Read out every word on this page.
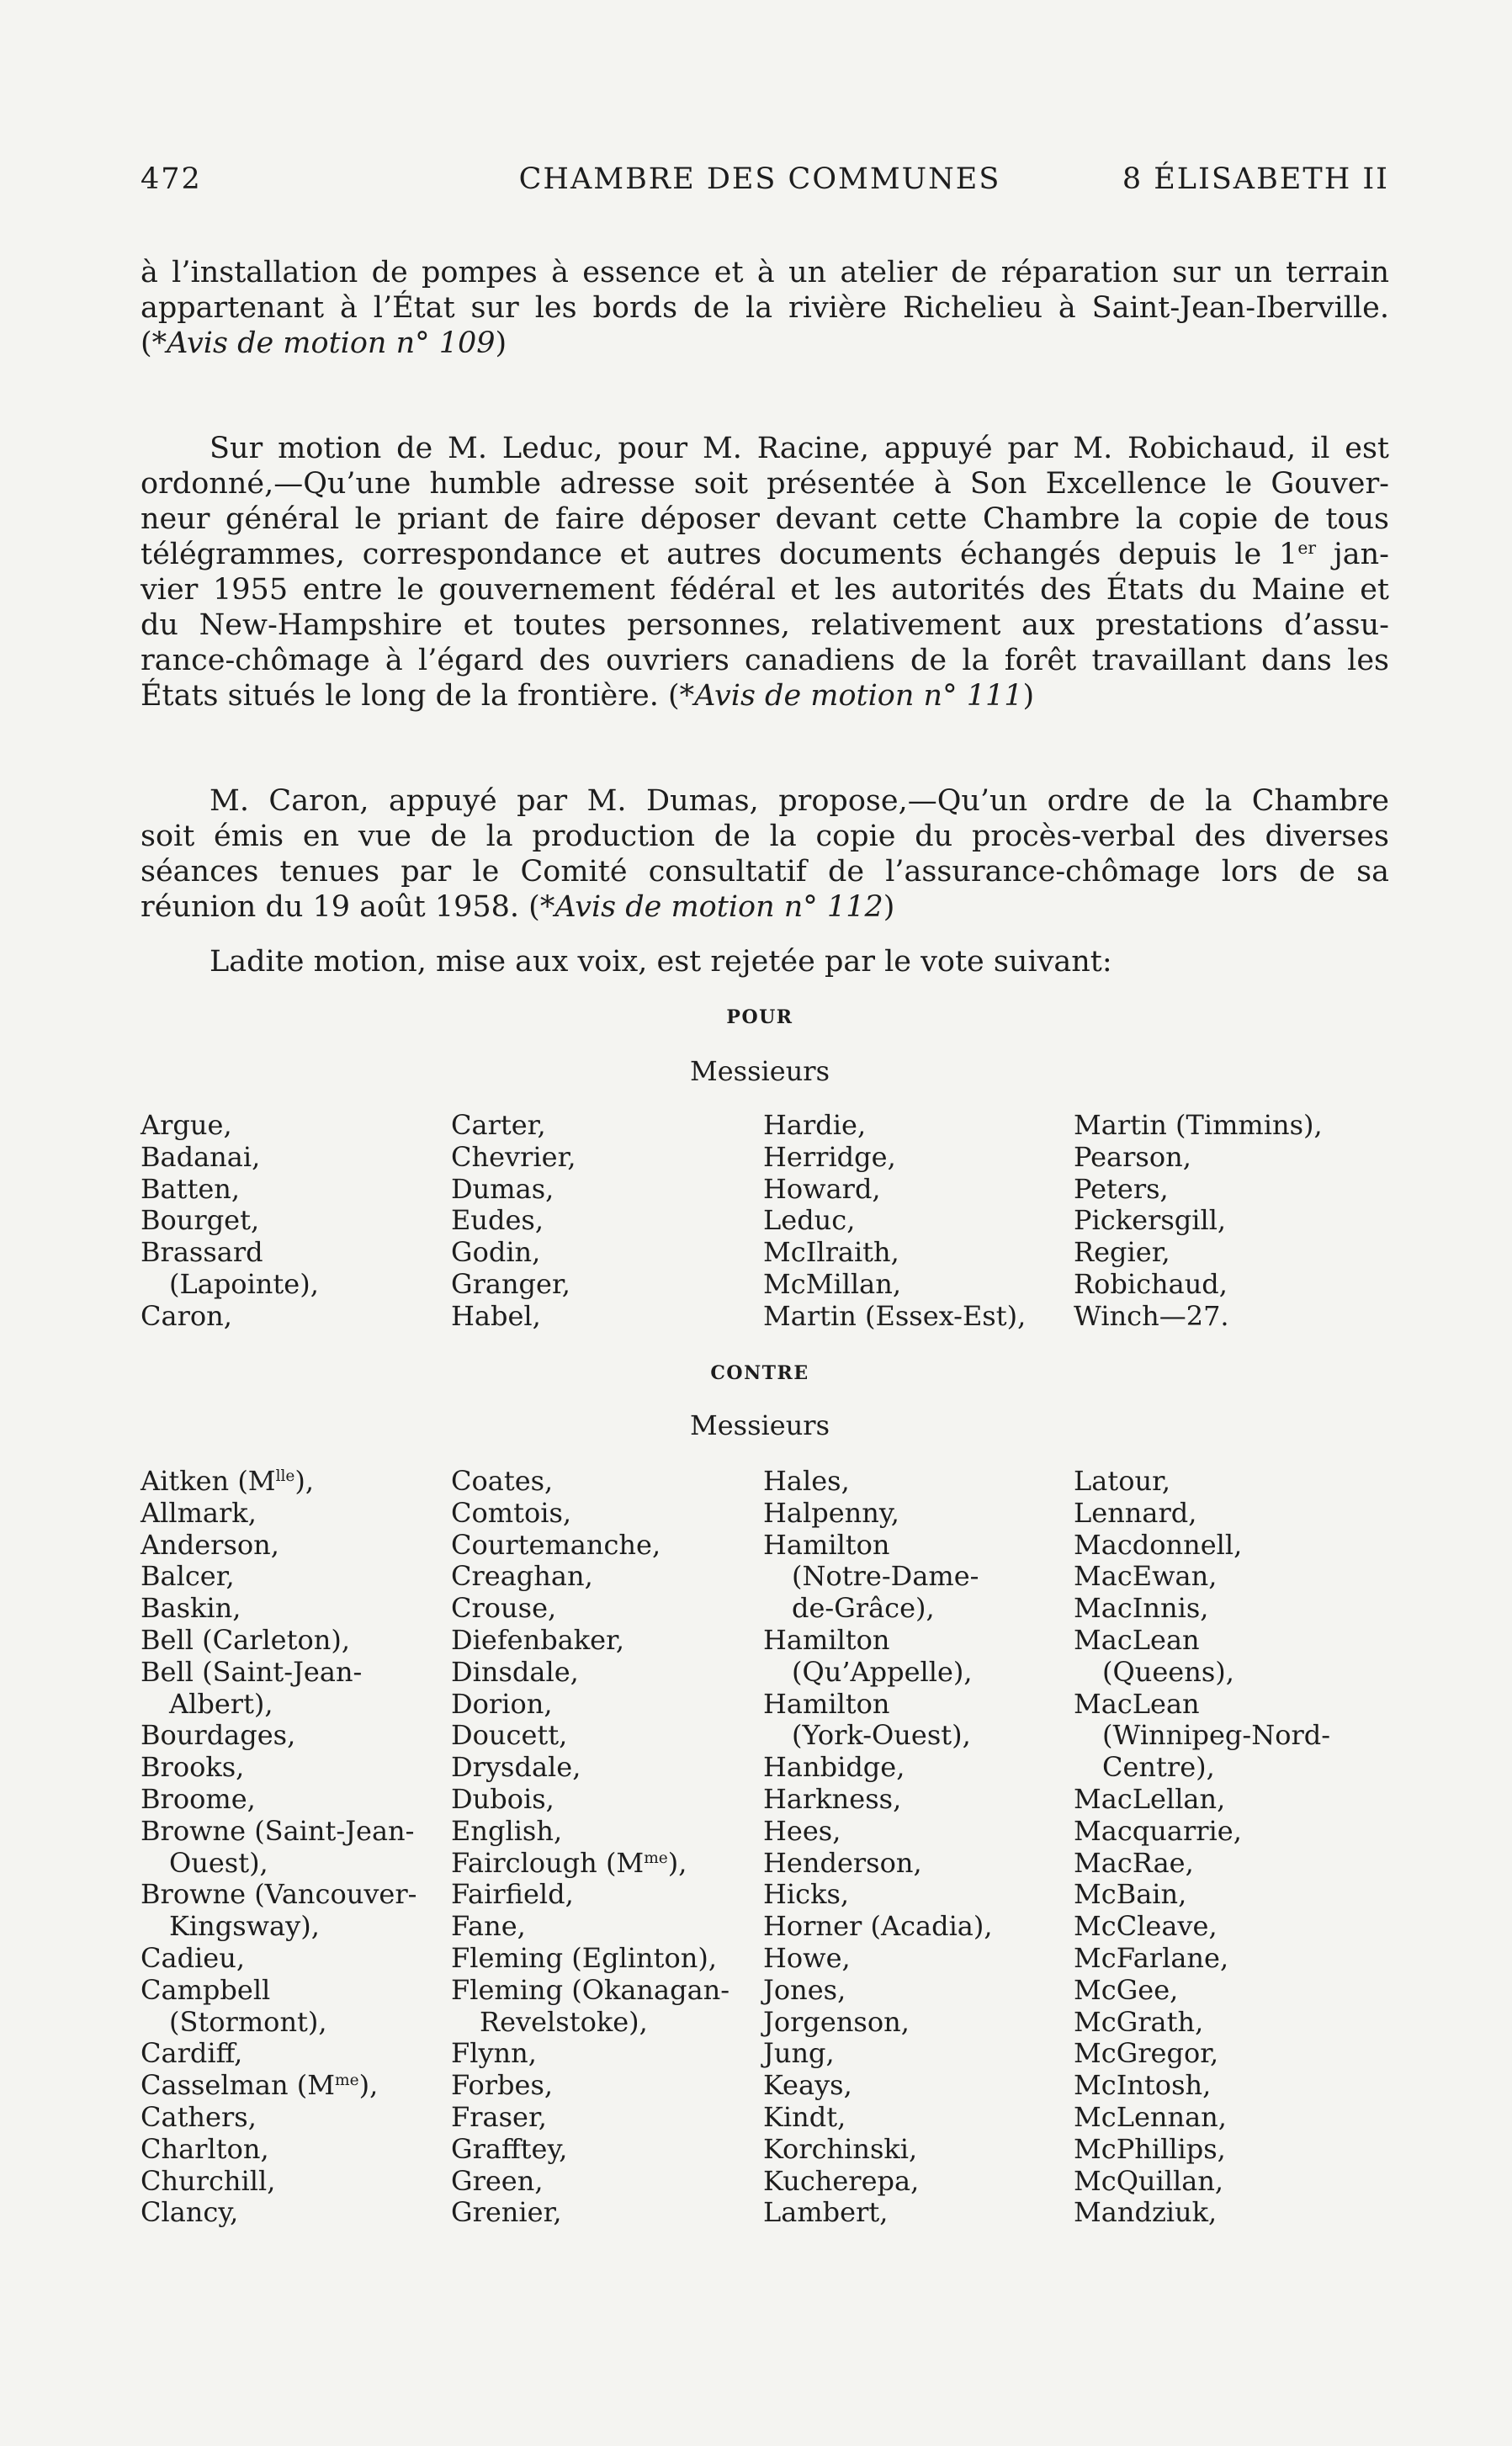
472	CHAMBRE DES COMMUNES	8 ÉLISABETH II
à l’installation de pompes à essence et à un atelier de réparation sur un terrain
appartenant à l’État sur les bords de la rivière Richelieu à Saint-Jean-Iberville.
(*Avis de motion n° 109)
Sur motion de M. Leduc, pour M. Racine, appuyé par M. Robichaud, il est
ordonné,—Qu’une humble adresse soit présentée à Son Excellence le Gouver-
neur général le priant de faire déposer devant cette Chambre la copie de tous
télégrammes, correspondance et autres documents échangés depuis le 1er jan-
vier 1955 entre le gouvernement fédéral et les autorités des États du Maine et
du New-Hampshire et toutes personnes, relativement aux prestations d’assu-
rance-chômage à l’égard des ouvriers canadiens de la forêt travaillant dans les
États situés le long de la frontière. (*Avis de motion n° 111)
M. Caron, appuyé par M. Dumas, propose,—Qu’un ordre de la Chambre
soit émis en vue de la production de la copie du procès-verbal des diverses
séances tenues par le Comité consultatif de l’assurance-chômage lors de sa
réunion du 19 août 1958. (*Avis de motion n° 112)
Ladite motion, mise aux voix, est rejetée par le vote suivant:
POUR
Messieurs
Argue,
Badanai,
Batten,
Bourget,
Brassard
(Lapointe),
Caron,
Carter,
Chevrier,
Dumas,
Eudes,
Godin,
Granger,
Habel,
Hardie,
Herridge,
Howard,
Leduc,
McIlraith,
McMillan,
Martin (Essex-Est),
Martin (Timmins),
Pearson,
Peters,
Pickersgill,
Regier,
Robichaud,
Winch—27.
CONTRE
Messieurs
Aitken $(M^{lle})$,
Allmark,
Anderson,
Balcer,
Baskin,
Bell (Carleton),
Bell (Saint-Jean-
Albert),
Bourdages,
Brooks,
Broome,
Browne (Saint-Jean-
Ouest),
Browne (Vancouver-
Kingsway),
Cadieu,
Campbell
(Stormont),
Cardiff,
Casselman $(M^{me})$,
Cathers,
Charlton,
Churchill,
Clancy,
Coates,
Comtois,
Courtemanche,
Creaghan,
Crouse,
Diefenbaker,
Dinsdale,
Dorion,
Doucett,
Drysdale,
Dubois,
English,
Fairclough $(M^{me})$,
Fairfield,
Fane,
Fleming (Eglinton),
Fleming (Okanagan-
Revelstoke),
Flynn,
Forbes,
Fraser,
Grafftey,
Green,
Grenier,
Hales,
Halpenny,
Hamilton
(Notre-Dame-
de-Grâce),
Hamilton
(Qu’Appelle),
Hamilton
(York-Ouest),
Hanbidge,
Harkness,
Hees,
Henderson,
Hicks,
Horner (Acadia),
Howe,
Jones,
Jorgenson,
Jung,
Keays,
Kindt,
Korchinski,
Kucherepa,
Lambert,
Latour,
Lennard,
Macdonnell,
MacEwan,
MacInnis,
MacLean
(Queens),
MacLean
(Winnipeg-Nord-
Centre),
MacLellan,
Macquarrie,
MacRae,
McBain,
McCleave,
McFarlane,
McGee,
McGrath,
McGregor,
McIntosh,
McLennan,
McPhillips,
McQuillan,
Mandziuk,
